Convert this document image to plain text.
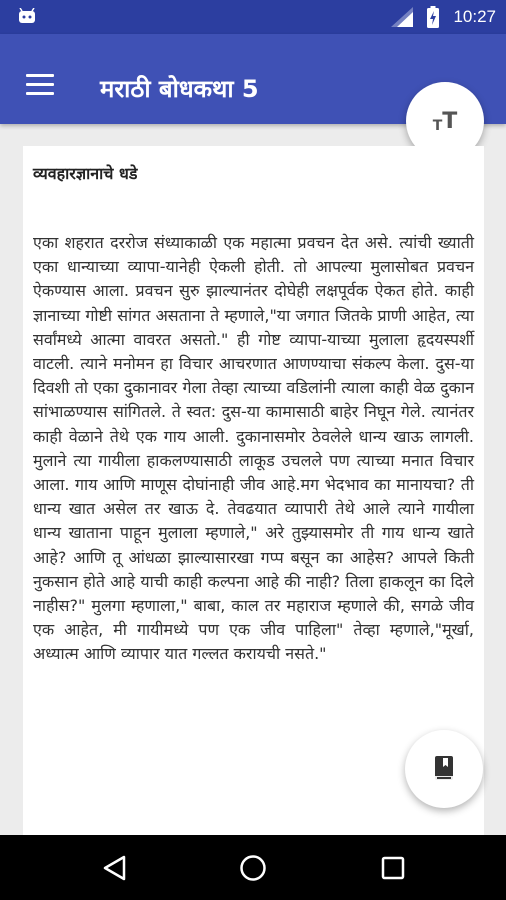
10:27
मराठी बोधकथा 5
T T
व्यवहारज्ञानाचे धडे
एका शहरात दररोज संध्याकाळी एक महात्मा प्रवचन देत असे. त्यांची ख्याती एका धान्याच्या व्यापा-यानेही ऐकली होती. तो आपल्या मुलासोबत प्रवचन ऐकण्यास आला. प्रवचन सुरु झाल्यानंतर दोघेही लक्षपूर्वक ऐकत होते. काही ज्ञानाच्या गोष्टी सांगत असताना ते म्हणाले,"या जगात जितके प्राणी आहेत, त्या सर्वांमध्ये आत्मा वावरत असतो." ही गोष्ट व्यापा-याच्या मुलाला हृदयस्पर्शी वाटली. त्याने मनोमन हा विचार आचरणात आणण्याचा संकल्प केला. दुस-या दिवशी तो एका दुकानावर गेला तेव्हा त्याच्या वडिलांनी त्याला काही वेळ दुकान सांभाळण्यास सांगितले. ते स्वत: दुस-या कामासाठी बाहेर निघून गेले. त्यानंतर काही वेळाने तेथे एक गाय आली. दुकानासमोर ठेवलेले धान्य खाऊ लागली. मुलाने त्या गायीला हाकलण्यासाठी लाकूड उचलले पण त्याच्या मनात विचार आला. गाय आणि माणूस दोघांनाही जीव आहे.मग भेदभाव का मानायचा? ती धान्य खात असेल तर खाऊ दे. तेवढयात व्यापारी तेथे आले त्याने गायीला धान्य खाताना पाहून मुलाला म्हणाले," अरे तुझ्यासमोर ती गाय धान्य खाते आहे? आणि तू आंधळा झाल्यासारखा गप्प बसून का आहेस? आपले किती नुकसान होते आहे याची काही कल्पना आहे की नाही? तिला हाकलून का दिले नाहीस?" मुलगा म्हणाला," बाबा, काल तर महाराज म्हणाले की, सगळे जीव एक आहेत, मी गायीमध्ये पण एक जीव पाहिला" तेव्हा म्हणाले,"मूर्खा, अध्यात्म आणि व्यापार यात गल्लत करायची नसते."
